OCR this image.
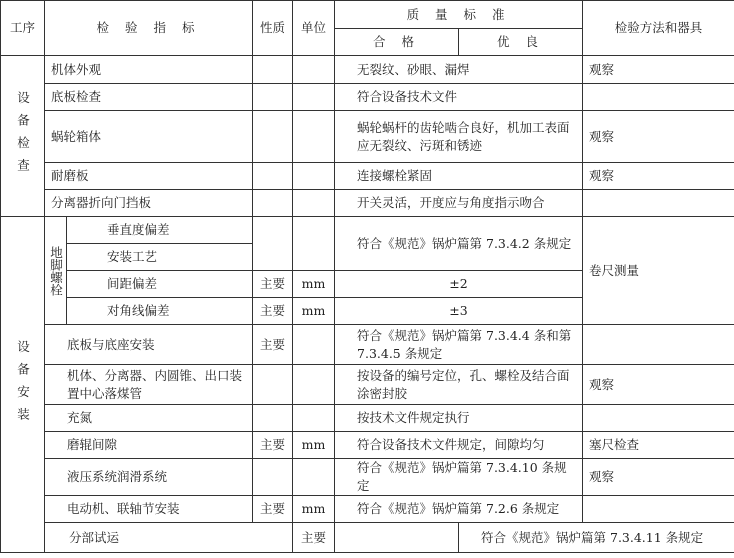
工序	检 验 指 标		性质	单位	质 量 标 准		检验方法和器具	
					合 格	优 良		

设备检查	机体外观				无裂纹、砂眼、漏焊		观察	
	底板检查				符合设备技术文件			
	蜗轮箱体				蜗轮蜗杆的齿轮啮合良好，机加工表面应无裂纹、污斑和锈迹		观察	
	耐磨板				连接螺栓紧固		观察	
	分离器折向门挡板				开关灵活，开度应与角度指示吻合			

设备安装	地脚螺栓	垂直度偏差			符合《规范》锅炉篇第 7.3.4.2 条规定		卷尺测量	
		安装工艺						
		间距偏差	主要	mm	±2			
		对角线偏差	主要	mm	±3			
	底板与底座安装		主要		符合《规范》锅炉篇第 7.3.4.4 条和第 7.3.4.5 条规定			
	机体、分离器、内圆锥、出口装置中心落煤管				按设备的编号定位，孔、螺栓及结合面涂密封胶		观察	
	充氮				按技术文件规定执行			
	磨辊间隙		主要	mm	符合设备技术文件规定，间隙均匀		塞尺检查	
	液压系统润滑系统				符合《规范》锅炉篇第 7.3.4.10 条规定		观察	
	电动机、联轴节安装		主要	mm	符合《规范》锅炉篇第 7.2.6 条规定			
	分部试运			主要		符合《规范》锅炉篇第 7.3.4.11 条规定		
